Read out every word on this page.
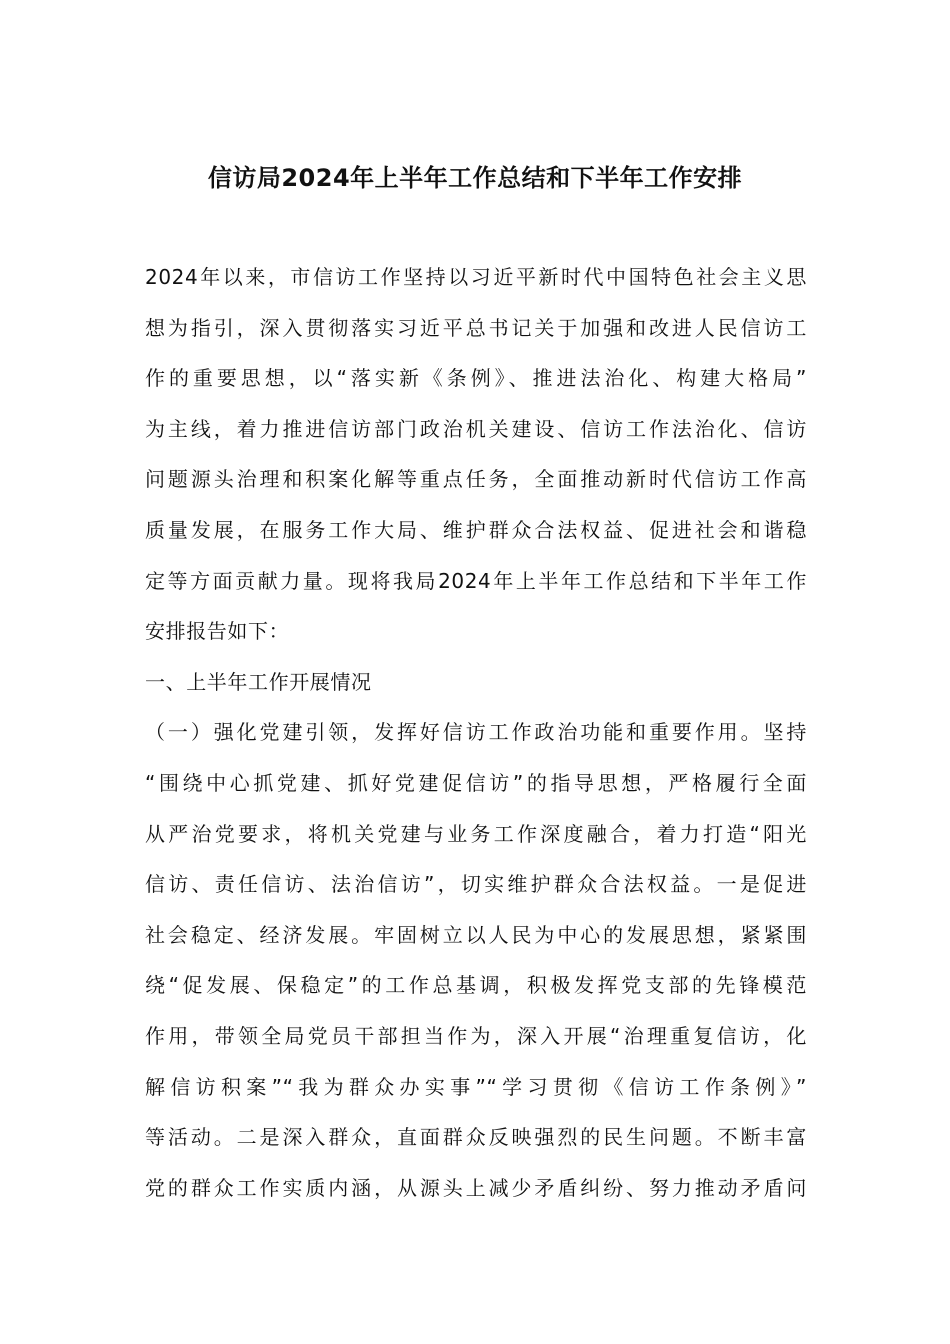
信访局2024年上半年工作总结和下半年工作安排
2024年以来，市信访工作坚持以习近平新时代中国特色社会主义思
想为指引，深入贯彻落实习近平总书记关于加强和改进人民信访工
作的重要思想，以“落实新《条例》、推进法治化、构建大格局”
为主线，着力推进信访部门政治机关建设、信访工作法治化、信访
问题源头治理和积案化解等重点任务，全面推动新时代信访工作高
质量发展，在服务工作大局、维护群众合法权益、促进社会和谐稳
定等方面贡献力量。现将我局2024年上半年工作总结和下半年工作
安排报告如下：
一、上半年工作开展情况
（一）强化党建引领，发挥好信访工作政治功能和重要作用。坚持
“围绕中心抓党建、抓好党建促信访”的指导思想，严格履行全面
从严治党要求，将机关党建与业务工作深度融合，着力打造“阳光
信访、责任信访、法治信访”，切实维护群众合法权益。一是促进
社会稳定、经济发展。牢固树立以人民为中心的发展思想，紧紧围
绕“促发展、保稳定”的工作总基调，积极发挥党支部的先锋模范
作用，带领全局党员干部担当作为，深入开展“治理重复信访，化
解信访积案”“我为群众办实事”“学习贯彻《信访工作条例》”
等活动。二是深入群众，直面群众反映强烈的民生问题。不断丰富
党的群众工作实质内涵，从源头上减少矛盾纠纷、努力推动矛盾问
